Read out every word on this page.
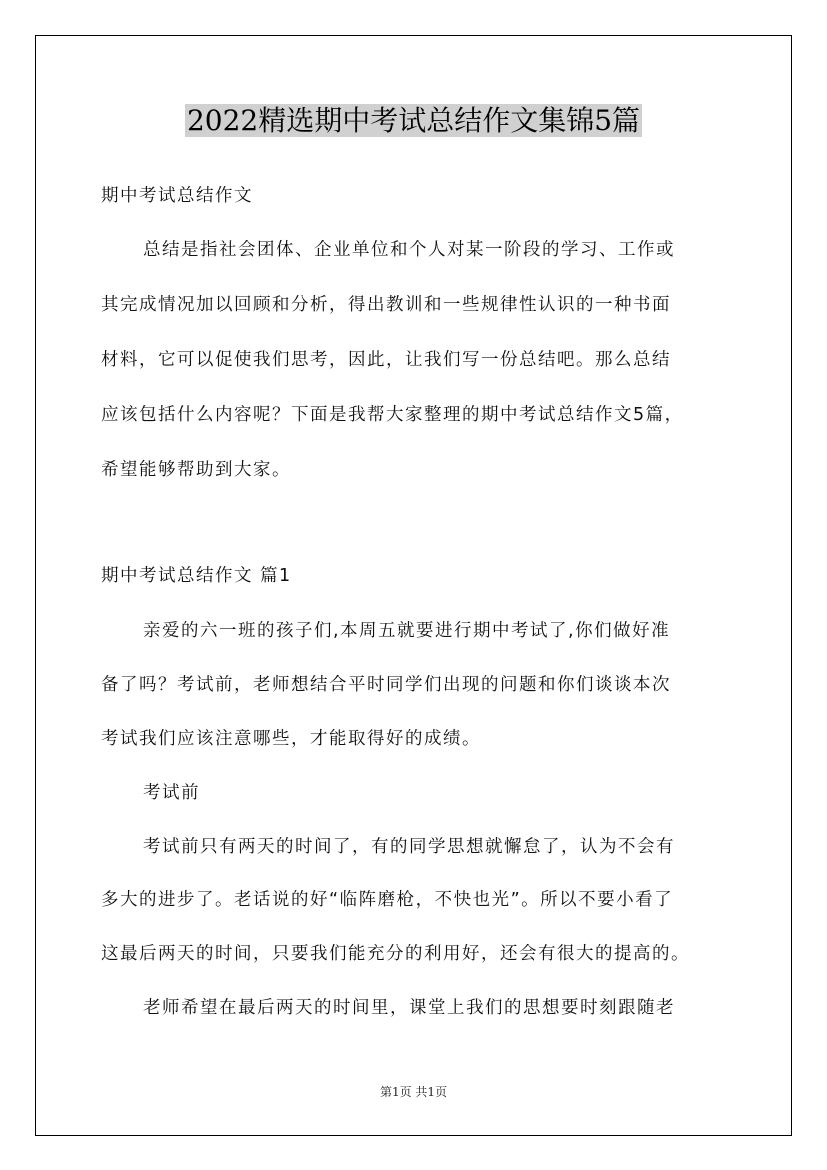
2022精选期中考试总结作文集锦5篇

期中考试总结作文

总结是指社会团体、企业单位和个人对某一阶段的学习、工作或

其完成情况加以回顾和分析，得出教训和一些规律性认识的一种书面

材料，它可以促使我们思考，因此，让我们写一份总结吧。那么总结

应该包括什么内容呢？下面是我帮大家整理的期中考试总结作文5篇，

希望能够帮助到大家。

期中考试总结作文 篇1

亲爱的六一班的孩子们,本周五就要进行期中考试了,你们做好准

备了吗？考试前，老师想结合平时同学们出现的问题和你们谈谈本次

考试我们应该注意哪些，才能取得好的成绩。

考试前

考试前只有两天的时间了，有的同学思想就懈怠了，认为不会有

多大的进步了。老话说的好“临阵磨枪，不快也光”。所以不要小看了

这最后两天的时间，只要我们能充分的利用好，还会有很大的提高的。

老师希望在最后两天的时间里，课堂上我们的思想要时刻跟随老

第1页 共1页
